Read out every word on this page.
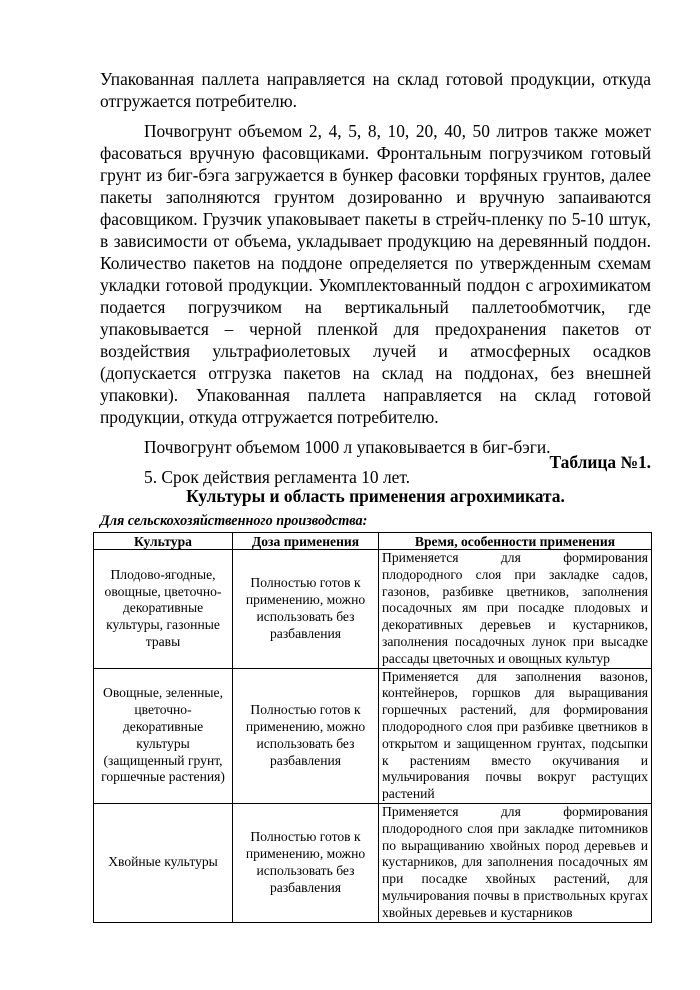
Упакованная паллета направляется на склад готовой продукции, откуда отгружается потребителю.

Почвогрунт объемом 2, 4, 5, 8, 10, 20, 40, 50 литров также может фасоваться вручную фасовщиками. Фронтальным погрузчиком готовый грунт из биг-бэга загружается в бункер фасовки торфяных грунтов, далее пакеты заполняются грунтом дозированно и вручную запаиваются фасовщиком. Грузчик упаковывает пакеты в стрейч-пленку по 5-10 штук, в зависимости от объема, укладывает продукцию на деревянный поддон. Количество пакетов на поддоне определяется по утвержденным схемам укладки готовой продукции. Укомплектованный поддон с агрохимикатом подается погрузчиком на вертикальный паллетообмотчик, где упаковывается – черной пленкой для предохранения пакетов от воздействия ультрафиолетовых лучей и атмосферных осадков (допускается отгрузка пакетов на склад на поддонах, без внешней упаковки). Упакованная паллета направляется на склад готовой продукции, откуда отгружается потребителю.

Почвогрунт объемом 1000 л упаковывается в биг-бэги.

5. Срок действия регламента 10 лет.

Таблица №1.
Культуры и область применения агрохимиката.
Для сельскохозяйственного производства:
Культура	Доза применения	Время, особенности применения
Плодово-ягодные, овощные, цветочно-декоративные культуры, газонные травы	Полностью готов к применению, можно использовать без разбавления	Применяется для формирования плодородного слоя при закладке садов, газонов, разбивке цветников, заполнения посадочных ям при посадке плодовых и декоративных деревьев и кустарников, заполнения посадочных лунок при высадке рассады цветочных и овощных культур
Овощные, зеленные, цветочно-декоративные культуры (защищенный грунт, горшечные растения)	Полностью готов к применению, можно использовать без разбавления	Применяется для заполнения вазонов, контейнеров, горшков для выращивания горшечных растений, для формирования плодородного слоя при разбивке цветников в открытом и защищенном грунтах, подсыпки к растениям вместо окучивания и мульчирования почвы вокруг растущих растений
Хвойные культуры	Полностью готов к применению, можно использовать без разбавления	Применяется для формирования плодородного слоя при закладке питомников по выращиванию хвойных пород деревьев и кустарников, для заполнения посадочных ям при посадке хвойных растений, для мульчирования почвы в приствольных кругах хвойных деревьев и кустарников
